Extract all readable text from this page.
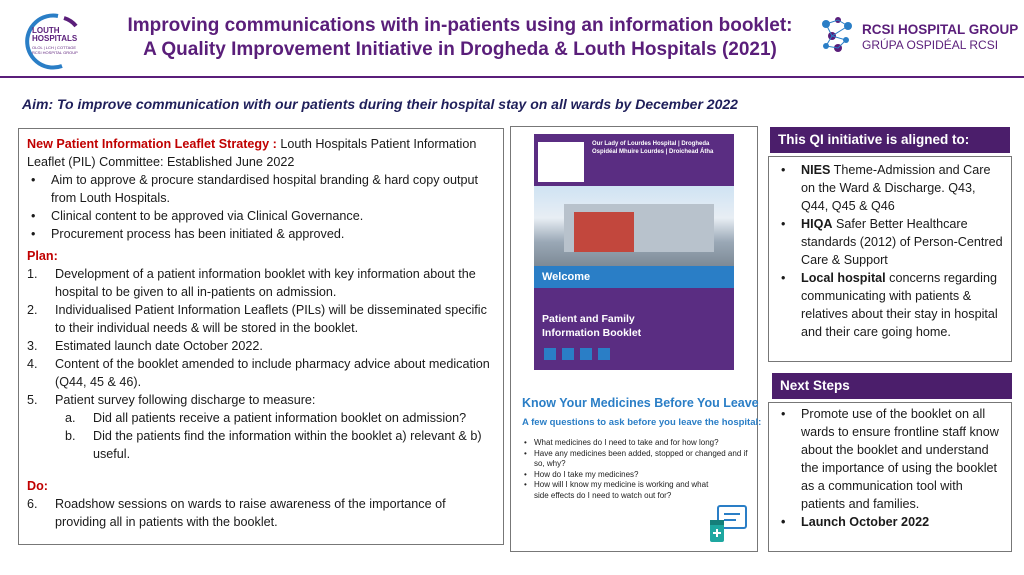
LOUTH
HOSPITALS
OLOL | LCH | COTTAGE
RCSI HOSPITAL GROUP
Improving communications with in-patients using an information booklet:
A Quality Improvement Initiative in Drogheda & Louth Hospitals (2021)
RCSI HOSPITAL GROUP
GRÚPA OSPIDÉAL RCSI
Aim: To improve communication with our patients during their hospital stay on all wards by December 2022
New Patient Information Leaflet Strategy : Louth Hospitals Patient Information Leaflet (PIL) Committee: Established June 2022
• Aim to approve & procure standardised hospital branding & hard copy output from Louth Hospitals.
• Clinical content to be approved via Clinical Governance.
• Procurement process has been initiated & approved.
Plan:
1. Development of a patient information booklet with key information about the hospital to be given to all in-patients on admission.
2. Individualised Patient Information Leaflets (PILs) will be disseminated specific to their individual needs & will be stored in the booklet.
3. Estimated launch date October 2022.
4. Content of the booklet amended to include pharmacy advice about medication (Q44, 45 & 46).
5. Patient survey following discharge to measure:
a. Did all patients receive a patient information booklet on admission?
b. Did the patients find the information within the booklet a) relevant & b) useful.
Do:
6. Roadshow sessions on wards to raise awareness of the importance of providing all in patients with the booklet.
Our Lady of Lourdes Hospital | Drogheda Ospidéal Mhuire Lourdes | Droichead Átha
Welcome
Patient and Family
Information Booklet
Know Your Medicines Before You Leave
A few questions to ask before you leave the hospital:
• What medicines do I need to take and for how long?
• Have any medicines been added, stopped or changed and if so, why?
• How do I take my medicines?
• How will I know my medicine is working and what side effects do I need to watch out for?
This QI initiative is aligned to:
• NIES Theme-Admission and Care on the Ward & Discharge. Q43, Q44, Q45 & Q46
• HIQA Safer Better Healthcare standards (2012) of Person-Centred Care & Support
• Local hospital concerns regarding communicating with patients & relatives about their stay in hospital and their care going home.
Next Steps
• Promote use of the booklet on all wards to ensure frontline staff know about the booklet and understand the importance of using the booklet as a communication tool with patients and families.
• Launch October 2022
